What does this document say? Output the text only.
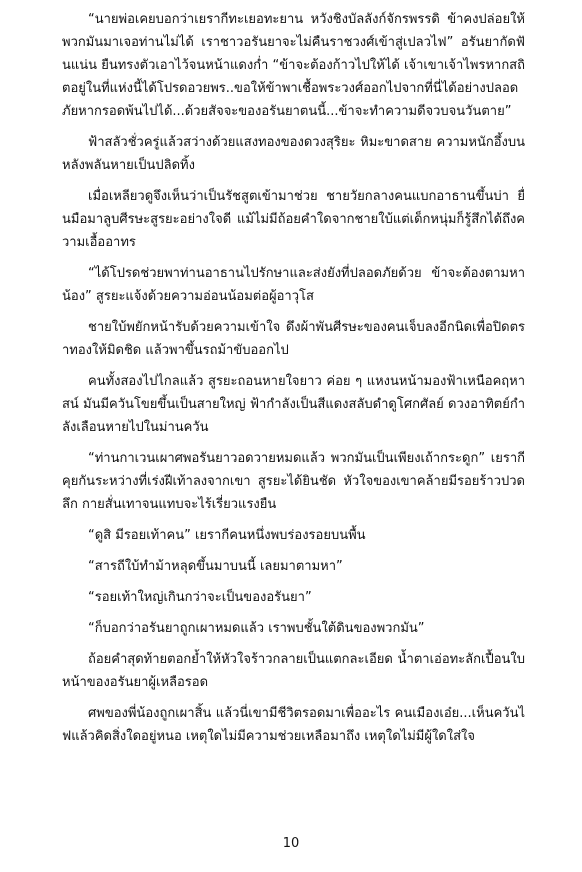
“นายพ่อเคยบอกว่าเยรากีทะเยอทะยาน หวังชิงบัลลังก์จักรพรรดิ ข้าคงปล่อยให้พวกมันมาเจอท่านไม่ได้ เราชาวอรันยาจะไม่คืนราชวงศ์เข้าสู่เปลวไฟ” อรันยากัดฟันแน่น ยืนทรงตัวเอาไว้จนหน้าแดงก่ำ “ข้าจะต้องก้าวไปให้ได้ เจ้าเขาเจ้าไพรหากสถิตอยู่ในที่แห่งนี้ได้โปรดอวยพร..ขอให้ข้าพาเชื้อพระวงศ์ออกไปจากที่นี่ได้อย่างปลอดภัยหากรอดพ้นไปได้...ด้วยสัจจะของอรันยาตนนี้...ข้าจะทำความดีจวบจนวันตาย”

ฟ้าสลัวชั่วครู่แล้วสว่างด้วยแสงทองของดวงสุริยะ หิมะขาดสาย ความหนักอึ้งบนหลังพลันหายเป็นปลิดทิ้ง

เมื่อเหลียวดูจึงเห็นว่าเป็นรัชสูตเข้ามาช่วย ชายวัยกลางคนแบกอาธานขึ้นบ่า ยื่นมือมาลูบศีรษะสูรยะอย่างใจดี แม้ไม่มีถ้อยคำใดจากชายใบ้แต่เด็กหนุ่มก็รู้สึกได้ถึงความเอื้ออาทร

“ได้โปรดช่วยพาท่านอาธานไปรักษาและส่งยังที่ปลอดภัยด้วย ข้าจะต้องตามหาน้อง” สูรยะแจ้งด้วยความอ่อนน้อมต่อผู้อาวุโส

ชายใบ้พยักหน้ารับด้วยความเข้าใจ ดึงผ้าพันศีรษะของคนเจ็บลงอีกนิดเพื่อปิดตราทองให้มิดชิด แล้วพาขึ้นรถม้าขับออกไป

คนทั้งสองไปไกลแล้ว สูรยะถอนหายใจยาว ค่อย ๆ แหงนหน้ามองฟ้าเหนือคฤหาสน์ มันมีควันโขยขึ้นเป็นสายใหญ่ ฟ้ากำลังเป็นสีแดงสลับดำดูโศกศัลย์ ดวงอาทิตย์กำลังเลือนหายไปในม่านควัน

“ท่านกาเวนเผาศพอรันยาวอดวายหมดแล้ว พวกมันเป็นเพียงเถ้ากระดูก” เยรากีคุยกันระหว่างที่เร่งฝีเท้าลงจากเขา สูรยะได้ยินชัด หัวใจของเขาคล้ายมีรอยร้าวปวดลึก กายสั่นเทาจนแทบจะไร้เรี่ยวแรงยืน

“ดูสิ มีรอยเท้าคน” เยรากีคนหนึ่งพบร่องรอยบนพื้น

“สารถีใบ้ทำม้าหลุดขึ้นมาบนนี้ เลยมาตามหา”

“รอยเท้าใหญ่เกินกว่าจะเป็นของอรันยา”

“ก็บอกว่าอรันยาถูกเผาหมดแล้ว เราพบชั้นใต้ดินของพวกมัน”

ถ้อยคำสุดท้ายตอกย้ำให้หัวใจร้าวกลายเป็นแตกละเอียด น้ำตาเอ่อทะลักเปื้อนใบหน้าของอรันยาผู้เหลือรอด

ศพของพี่น้องถูกเผาสิ้น แล้วนี่เขามีชีวิตรอดมาเพื่ออะไร คนเมืองเอ๋ย...เห็นควันไฟแล้วคิดสิ่งใดอยู่หนอ เหตุใดไม่มีความช่วยเหลือมาถึง เหตุใดไม่มีผู้ใดใส่ใจ

10
